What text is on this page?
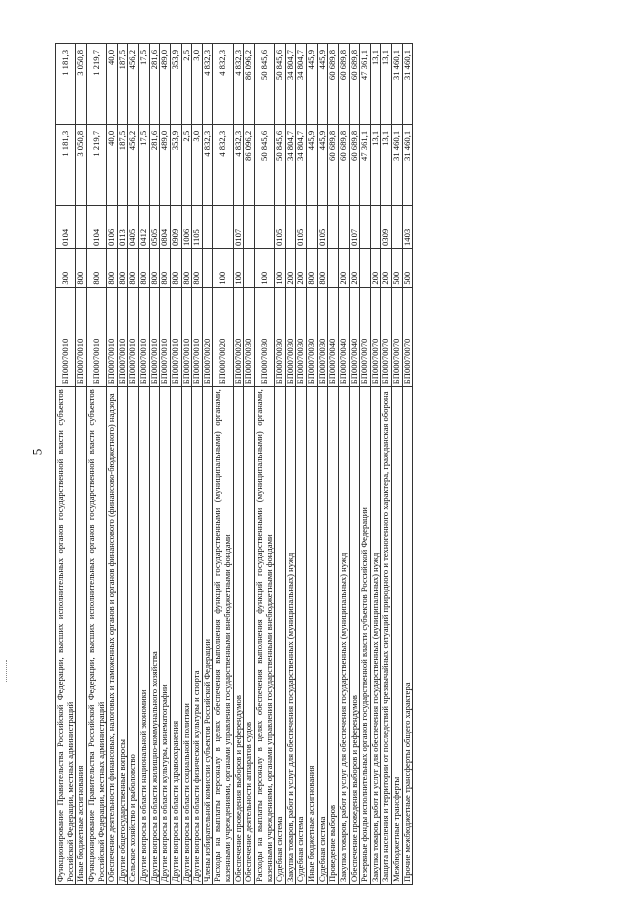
5 Функционирование Правительства Российской Федерации, высших исполнительных органов государственной власти субъектов Российской Федерации, местных администраций	БП00070010	300	0104	1 181,3	1 181,3
Иные бюджетные ассигнования	БП00070010	800		3 050,8	3 050,8
Функционирование Правительства Российской Федерации, высших исполнительных органов государственной власти субъектов Российской Федерации, местных администраций	БП00070010	800	0104	1 219,7	1 219,7
Обеспечение деятельности финансовых, налоговых и таможенных органов и органов финансового (финансово-бюджетного) надзора	БП00070010	800	0106	40,0	40,0
Другие общегосударственные вопросы	БП00070010	800	0113	187,5	187,5
Сельское хозяйство и рыболовство	БП00070010	800	0405	456,2	456,2
Другие вопросы в области национальной экономики	БП00070010	800	0412	17,5	17,5
Другие вопросы в области жилищно-коммунального хозяйства	БП00070010	800	0505	281,6	281,6
Другие вопросы в области культуры, кинематографии	БП00070010	800	0804	489,0	489,0
Другие вопросы в области здравоохранения	БП00070010	800	0909	353,9	353,9
Другие вопросы в области социальной политики	БП00070010	800	1006	2,5	2,5
Другие вопросы в области физической культуры и спорта	БП00070010	800	1105	3,0	3,0
Члены избирательной комиссии субъектов Российской Федерации	БП00070020			4 832,3	4 832,3
Расходы на выплаты персоналу в целях обеспечения выполнения функций государственными (муниципальными) органами, казенными учреждениями, органами управления государственными внебюджетными фондами	БП00070020	100		4 832,3	4 832,3
Обеспечение проведения выборов и референдумов	БП00070020	100	0107	4 832,3	4 832,3
Обеспечение деятельности аппаратов судов	БП00070030			86 096,2	86 096,2
Расходы на выплаты персоналу в целях обеспечения выполнения функций государственными (муниципальными) органами, казенными учреждениями, органами управления государственными внебюджетными фондами	БП00070030	100		50 845,6	50 845,6
Судебная система	БП00070030	100	0105	50 845,6	50 845,6
Закупка товаров, работ и услуг для обеспечения государственных (муниципальных) нужд	БП00070030	200		34 804,7	34 804,7
Судебная система	БП00070030	200	0105	34 804,7	34 804,7
Иные бюджетные ассигнования	БП00070030	800		445,9	445,9
Судебная система	БП00070030	800	0105	445,9	445,9
Проведение выборов	БП00070040			60 689,8	60 689,8
Закупка товаров, работ и услуг для обеспечения государственных (муниципальных) нужд	БП00070040	200		60 689,8	60 689,8
Обеспечение проведения выборов и референдумов	БП00070040	200	0107	60 689,8	60 689,8
Резервные фонды исполнительных органов государственной власти субъектов Российской Федерации	БП00070070			47 361,1	47 361,1
Закупка товаров, работ и услуг для обеспечения государственных (муниципальных) нужд	БП00070070	200		13,1	13,1
Защита населения и территории от последствий чрезвычайных ситуаций природного и техногенного характера, гражданская оборона	БП00070070	200	0309	13,1	13,1
Межбюджетные трансферты	БП00070070	500		31 460,1	31 460,1
Прочие межбюджетные трансферты общего характера	БП00070070	500	1403	31 460,1	31 460,1
